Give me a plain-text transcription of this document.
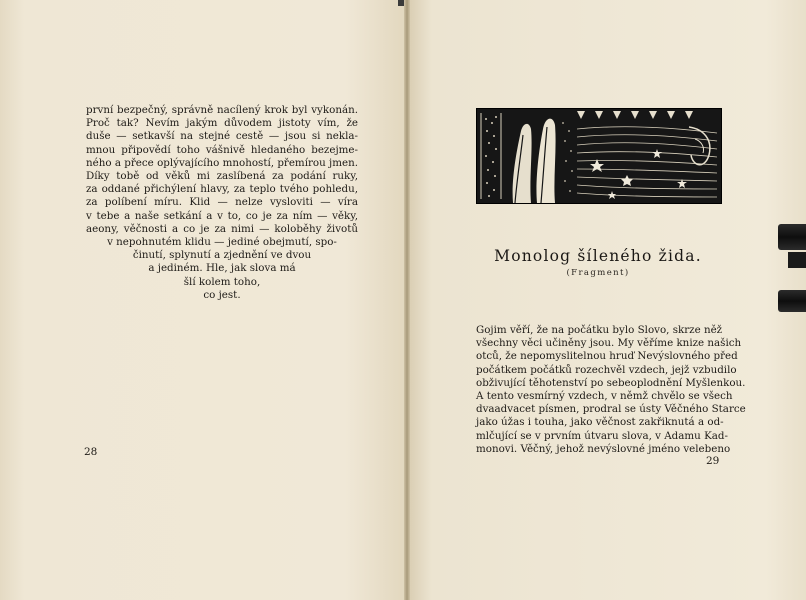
první bezpečný, správně nacílený krok byl vykonán.
Proč tak? Nevím jakým důvodem jistoty vím, že
duše — setkavší na stejné cestě — jsou si nekla-
mnou připovědí toho vášnivě hledaného bezejme-
ného a přece oplývajícího mnohostí, přemírou jmen.
Díky tobě od věků mi zaslíbená za podání ruky,
za oddané přichýlení hlavy, za teplo tvého pohledu,
za políbení míru. Klid — nelze vysloviti — víra
v tebe a naše setkání a v to, co je za ním — věky,
aeony, věčnosti a co je za nimi — koloběhy životů
v nepohnutém klidu — jediné obejmutí, spo-
činutí, splynutí a zjednění ve dvou
a jediném. Hle, jak slova má
šlí kolem toho,
co jest.
28
Monolog šíleného žida.
(Fragment)
Gojim věří, že na počátku bylo Slovo, skrze něž
všechny věci učiněny jsou. My věříme knize našich
otců, že nepomyslitelnou hruď Nevýslovného před
počátkem počátků rozechvěl vzdech, jejž vzbudilo
obživující těhotenství po sebeoplodnění Myšlenkou.
A tento vesmírný vzdech, v němž chvělo se všech
dvaadvacet písmen, prodral se ústy Věčného Starce
jako úžas i touha, jako věčnost zakřiknutá a od-
mlčující se v prvním útvaru slova, v Adamu Kad-
monovi. Věčný, jehož nevýslovné jméno velebeno
29
